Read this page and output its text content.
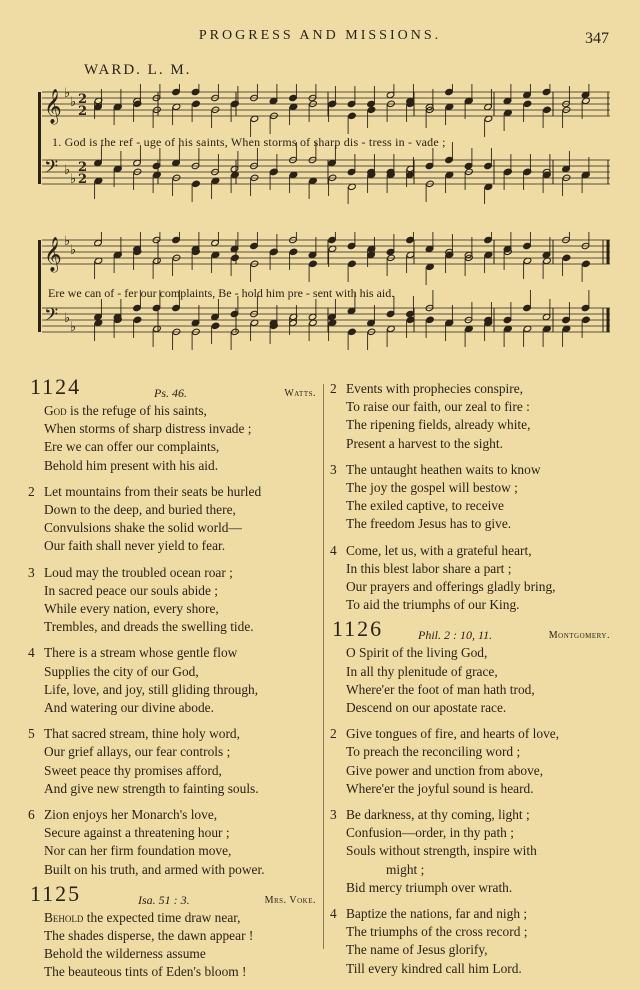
PROGRESS AND MISSIONS.	347
WARD. L. M.
𝄞 ♭
♭ 2
2
𝄢 ♭
♭
2
2
1. God is the ref - uge of his saints, When storms of sharp dis - tress in - vade ;
𝄞 ♭
♭
𝄢 ♭
♭
Ere we can of - fer our complaints, Be - hold him pre - sent with his aid.
1124	Ps. 46.	Watts.
God is the refuge of his saints,
When storms of sharp distress invade ;
Ere we can offer our complaints,
Behold him present with his aid.
2 Let mountains from their seats be hurled
Down to the deep, and buried there,
Convulsions shake the solid world—
Our faith shall never yield to fear.
3 Loud may the troubled ocean roar ;
In sacred peace our souls abide ;
While every nation, every shore,
Trembles, and dreads the swelling tide.
4 There is a stream whose gentle flow
Supplies the city of our God,
Life, love, and joy, still gliding through,
And watering our divine abode.
5 That sacred stream, thine holy word,
Our grief allays, our fear controls ;
Sweet peace thy promises afford,
And give new strength to fainting souls.
6 Zion enjoys her Monarch's love,
Secure against a threatening hour ;
Nor can her firm foundation move,
Built on his truth, and armed with power.
1125	Isa. 51 : 3.	Mrs. Voke.
Behold the expected time draw near,
The shades disperse, the dawn appear !
Behold the wilderness assume
The beauteous tints of Eden's bloom !
2 Events with prophecies conspire,
To raise our faith, our zeal to fire :
The ripening fields, already white,
Present a harvest to the sight.
3 The untaught heathen waits to know
The joy the gospel will bestow ;
The exiled captive, to receive
The freedom Jesus has to give.
4 Come, let us, with a grateful heart,
In this blest labor share a part ;
Our prayers and offerings gladly bring,
To aid the triumphs of our King.
1126	Phil. 2 : 10, 11.	Montgomery.
O Spirit of the living God,
In all thy plenitude of grace,
Where'er the foot of man hath trod,
Descend on our apostate race.
2 Give tongues of fire, and hearts of love,
To preach the reconciling word ;
Give power and unction from above,
Where'er the joyful sound is heard.
3 Be darkness, at thy coming, light ;
Confusion—order, in thy path ;
Souls without strength, inspire with
might ;
Bid mercy triumph over wrath.
4 Baptize the nations, far and nigh ;
The triumphs of the cross record ;
The name of Jesus glorify,
Till every kindred call him Lord.
